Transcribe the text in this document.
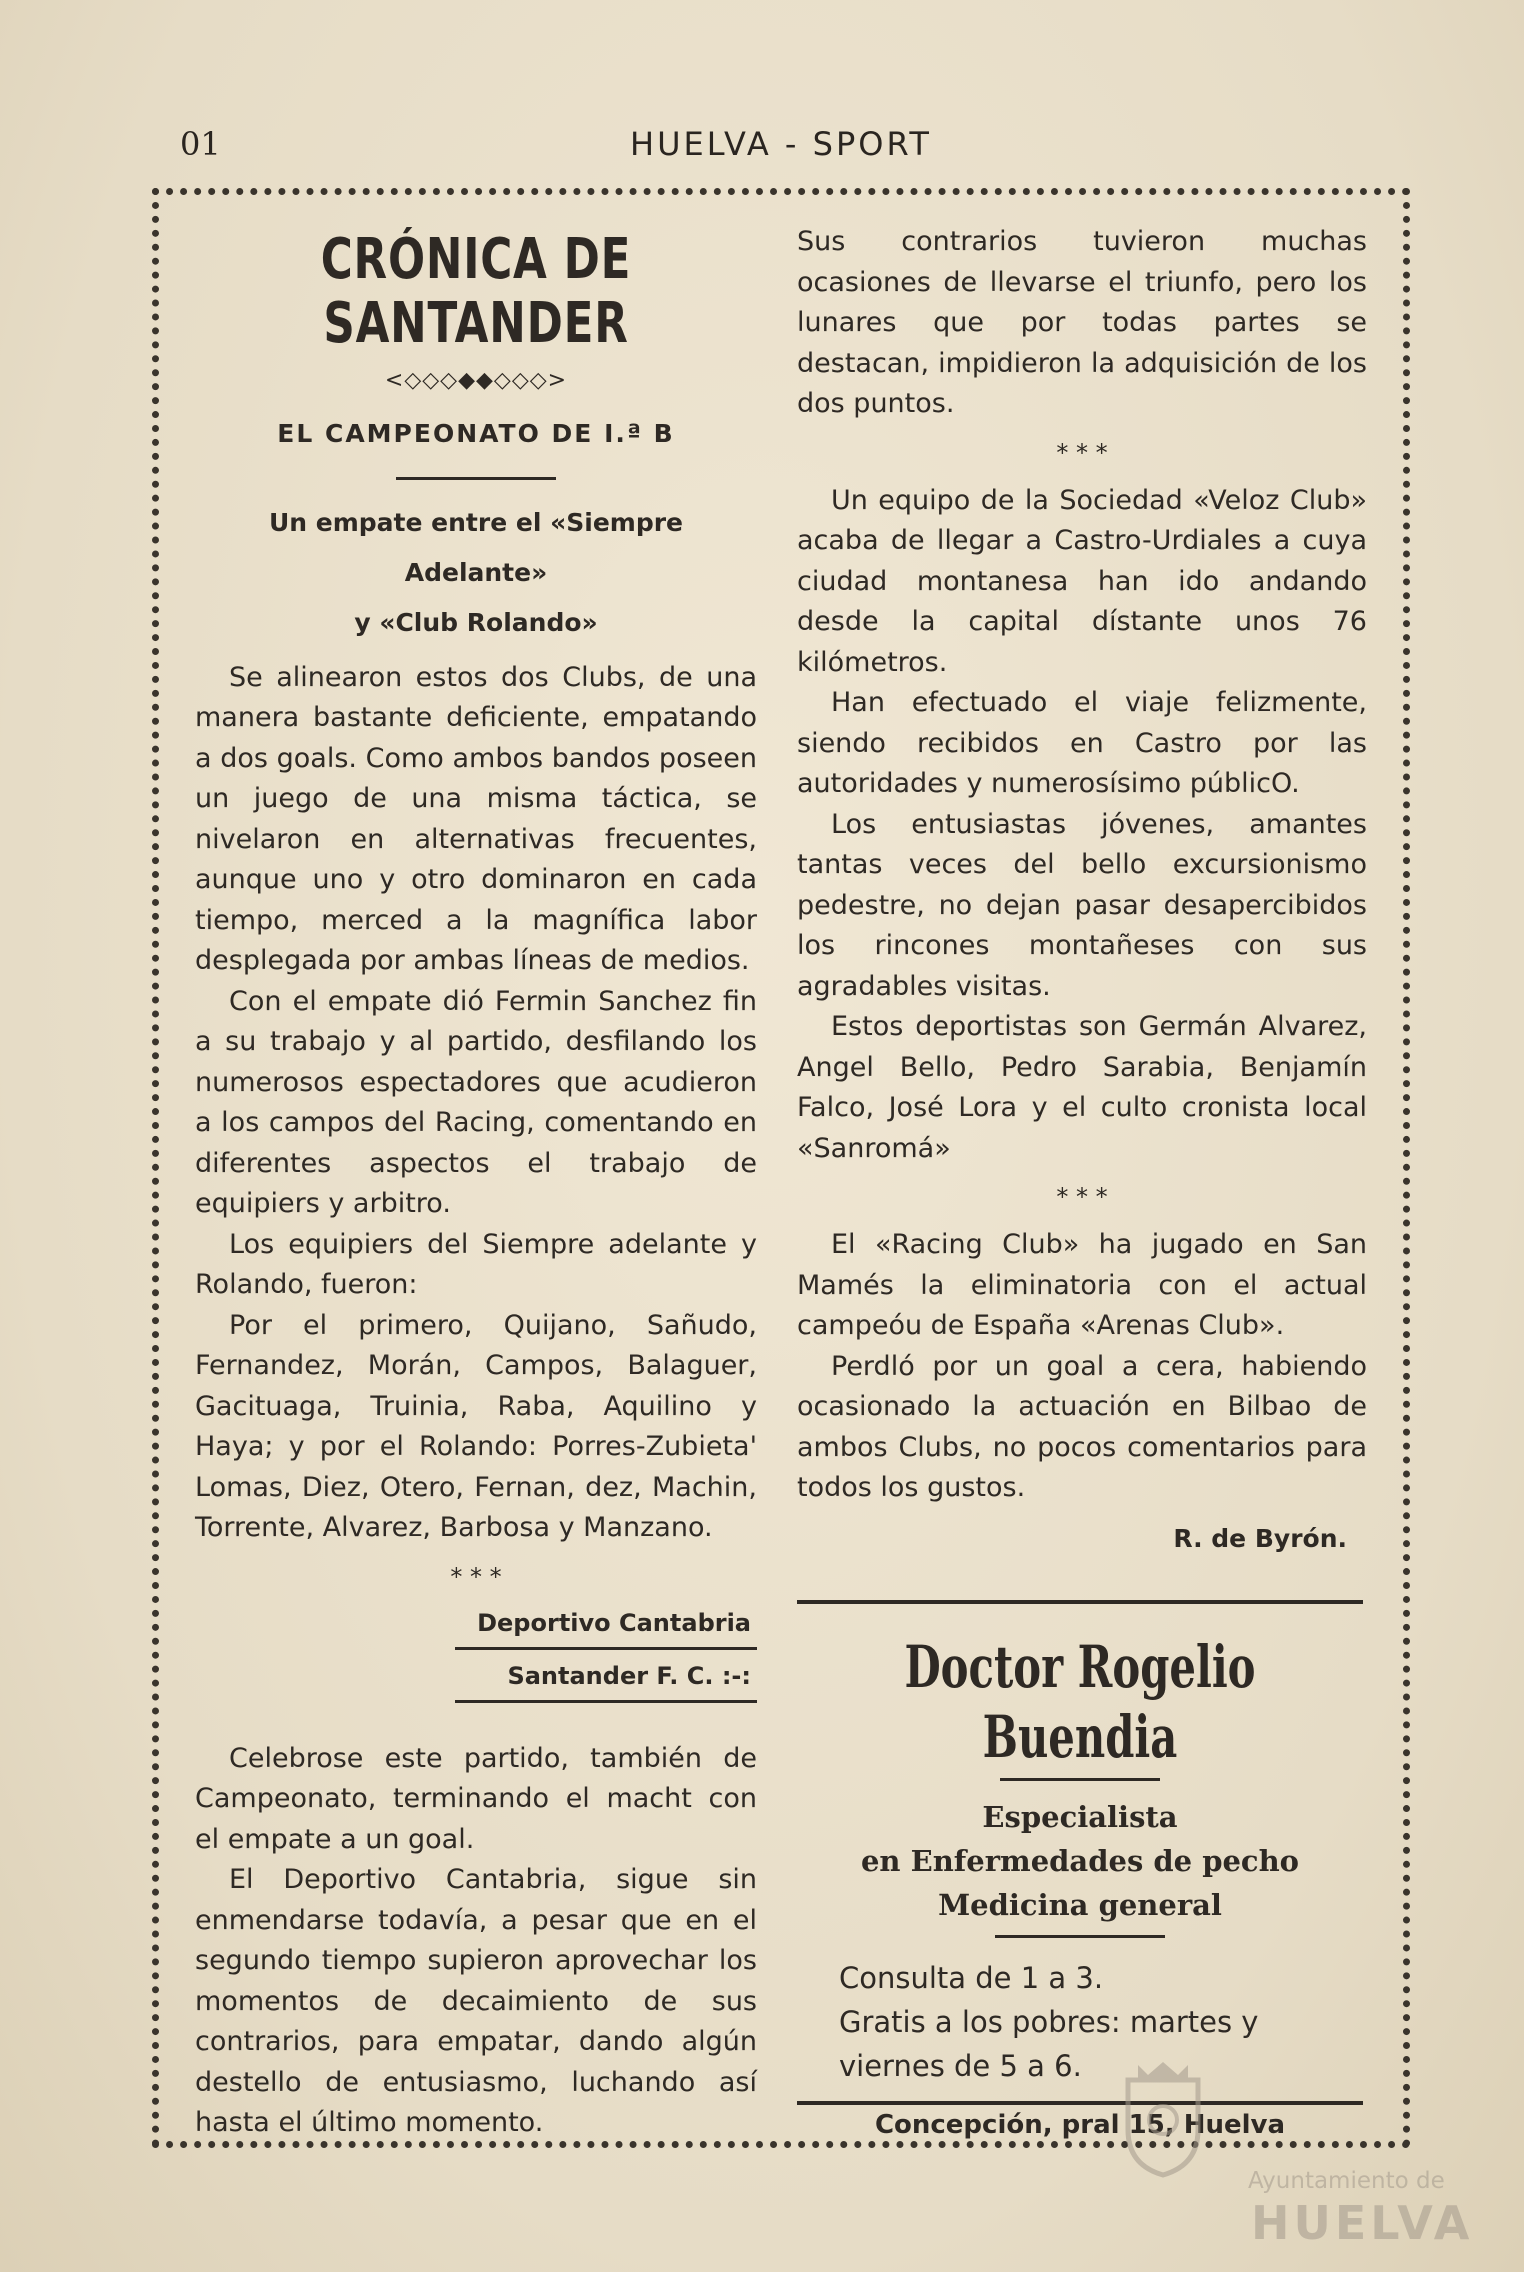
01	HUELVA - SPORT
CRÓNICA DE SANTANDER
<◇◇◇◆◆◇◇◇>
EL CAMPEONATO DE I.ª B
Un empate entre el «Siempre Adelante»
y «Club Rolando»

Se alinearon estos dos Clubs, de una manera bastante deficiente, empatando a dos goals. Como ambos bandos poseen un juego de una misma táctica, se nivelaron en alternativas frecuentes, aunque uno y otro dominaron en cada tiempo, merced a la magnífica labor desplegada por ambas líneas de medios.

Con el empate dió Fermin Sanchez fin a su trabajo y al partido, desfilando los numerosos espectadores que acudieron a los campos del Racing, comentando en diferentes aspectos el trabajo de equipiers y arbitro.

Los equipiers del Siempre adelante y Rolando, fueron:

Por el primero, Quijano, Sañudo, Fernandez, Morán, Campos, Balaguer, Gacituaga, Truinia, Raba, Aquilino y Haya; y por el Rolando: Porres-Zubieta' Lomas, Diez, Otero, Fernan, dez, Machin, Torrente, Alvarez, Barbosa y Manzano.

* * *
Deportivo Cantabria
Santander F. C. :-:

Celebrose este partido, también de Campeonato, terminando el macht con el empate a un goal.

El Deportivo Cantabria, sigue sin enmendarse todavía, a pesar que en el segundo tiempo supieron aprovechar los momentos de decaimiento de sus contrarios, para empatar, dando algún destello de entusiasmo, luchando así hasta el último momento.

Sus contrarios tuvieron muchas ocasiones de llevarse el triunfo, pero los lunares que por todas partes se destacan, impidieron la adquisición de los dos puntos.

* * *

Un equipo de la Sociedad «Veloz Club» acaba de llegar a Castro-Urdiales a cuya ciudad montanesa han ido andando desde la capital dístante unos 76 kilómetros.

Han efectuado el viaje felizmente, siendo recibidos en Castro por las autoridades y numerosísimo públicO.

Los entusiastas jóvenes, amantes tantas veces del bello excursionismo pedestre, no dejan pasar desapercibidos los rincones montañeses con sus agradables visitas.

Estos deportistas son Germán Alvarez, Angel Bello, Pedro Sarabia, Benjamín Falco, José Lora y el culto cronista local «Sanromá»

* * *

El «Racing Club» ha jugado en San Mamés la eliminatoria con el actual campeóu de España «Arenas Club».

Perdló por un goal a cera, habiendo ocasionado la actuación en Bilbao de ambos Clubs, no pocos comentarios para todos los gustos.

R. de Byrón.
Doctor Rogelio Buendia
Especialista
en Enfermedades de pecho
Medicina general
Consulta de 1 a 3.
Gratis a los pobres: martes y viernes de 5 a 6.
Concepción, pral 15, Huelva
Ayuntamiento de
HUELVA
